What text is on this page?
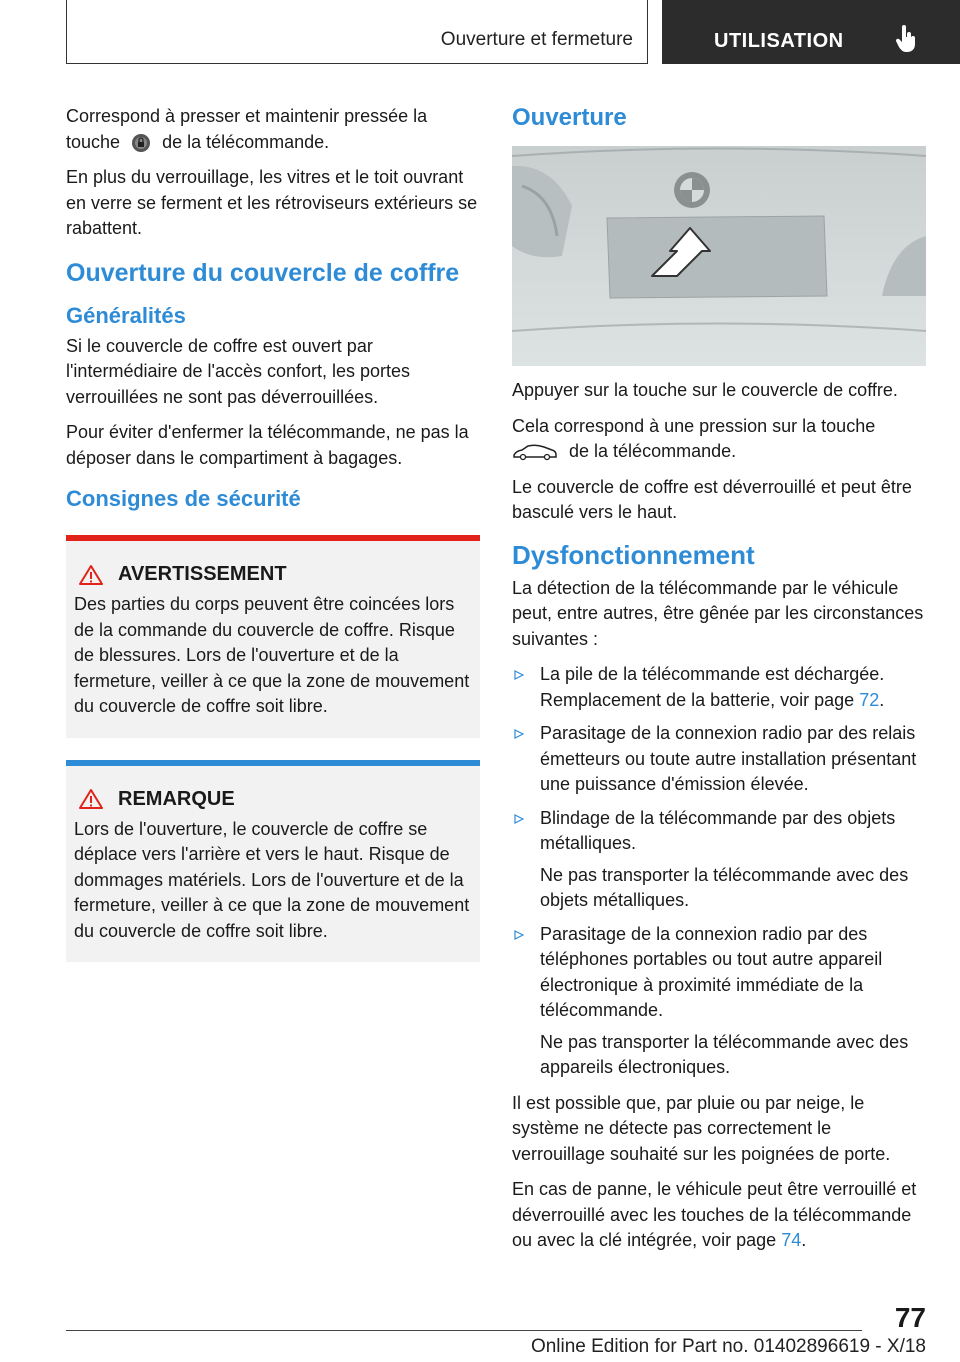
Ouverture et fermeture	UTILISATION

Correspond à presser et maintenir pressée la touche de la télécommande.

En plus du verrouillage, les vitres et le toit ouvrant en verre se ferment et les rétroviseurs extérieurs se rabattent.

Ouverture du couvercle de coffre
Généralités

Si le couvercle de coffre est ouvert par l'intermédiaire de l'accès confort, les portes verrouillées ne sont pas déverrouillées.

Pour éviter d'enfermer la télécommande, ne pas la déposer dans le compartiment à bagages.

Consignes de sécurité
AVERTISSEMENT

Des parties du corps peuvent être coincées lors de la commande du couvercle de coffre. Risque de blessures. Lors de l'ouverture et de la fermeture, veiller à ce que la zone de mouvement du couvercle de coffre soit libre.

REMARQUE

Lors de l'ouverture, le couvercle de coffre se déplace vers l'arrière et vers le haut. Risque de dommages matériels. Lors de l'ouverture et de la fermeture, veiller à ce que la zone de mouvement du couvercle de coffre soit libre.

Ouverture

Appuyer sur la touche sur le couvercle de coffre.

Cela correspond à une pression sur la touche  de la télécommande.

Le couvercle de coffre est déverrouillé et peut être basculé vers le haut.

Dysfonctionnement

La détection de la télécommande par le véhicule peut, entre autres, être gênée par les circonstances suivantes :

La pile de la télécommande est déchargée. Remplacement de la batterie, voir page 72.
Parasitage de la connexion radio par des relais émetteurs ou toute autre installation présentant une puissance d'émission élevée.
Blindage de la télécommande par des objets métalliques.
Ne pas transporter la télécommande avec des objets métalliques.
Parasitage de la connexion radio par des téléphones portables ou tout autre appareil électronique à proximité immédiate de la télécommande.
Ne pas transporter la télécommande avec des appareils électroniques.

Il est possible que, par pluie ou par neige, le système ne détecte pas correctement le verrouillage souhaité sur les poignées de porte.

En cas de panne, le véhicule peut être verrouillé et déverrouillé avec les touches de la télécommande ou avec la clé intégrée, voir page 74.

77
Online Edition for Part no. 01402896619 - X/18
